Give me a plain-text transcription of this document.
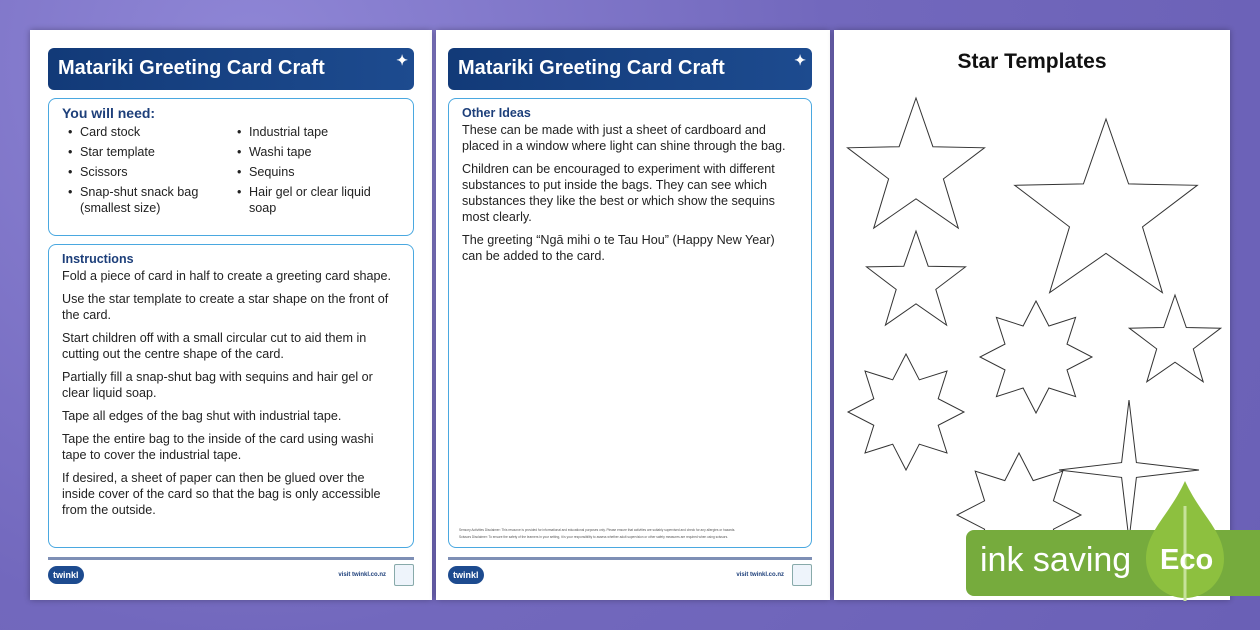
Matariki Greeting Card Craft	✦
You will need:
• Card stock	• Industrial tape
• Star template	• Washi tape
• Scissors	• Sequins
• Snap-shut snack bag (smallest size)
• Hair gel or clear liquid soap
Instructions

Fold a piece of card in half to create a greeting card shape.

Use the star template to create a star shape on the front of the card.

Start children off with a small circular cut to aid them in cutting out the centre shape of the card.

Partially fill a snap-shut bag with sequins and hair gel or clear liquid soap.

Tape all edges of the bag shut with industrial tape.

Tape the entire bag to the inside of the card using washi tape to cover the industrial tape.

If desired, a sheet of paper can then be glued over the inside cover of the card so that the bag is only accessible from the outside.

twinkl	visit twinkl.co.nz
Matariki Greeting Card Craft	✦
Other Ideas

These can be made with just a sheet of cardboard and placed in a window where light can shine through the bag.

Children can be encouraged to experiment with different substances to put inside the bags. They can see which substances they like the best or which show the sequins most clearly.

The greeting “Ngā mihi o te Tau Hou” (Happy New Year) can be added to the card.

Sensory Activities Disclaimer: This resource is provided for informational and educational purposes only. Please ensure that activities are suitably supervised and check for any allergies or hazards.

Scissors Disclaimer: To ensure the safety of the learners in your setting, it is your responsibility to assess whether adult supervision or other safety measures are required when using scissors.

twinkl	visit twinkl.co.nz
Star Templates
ink saving Eco
